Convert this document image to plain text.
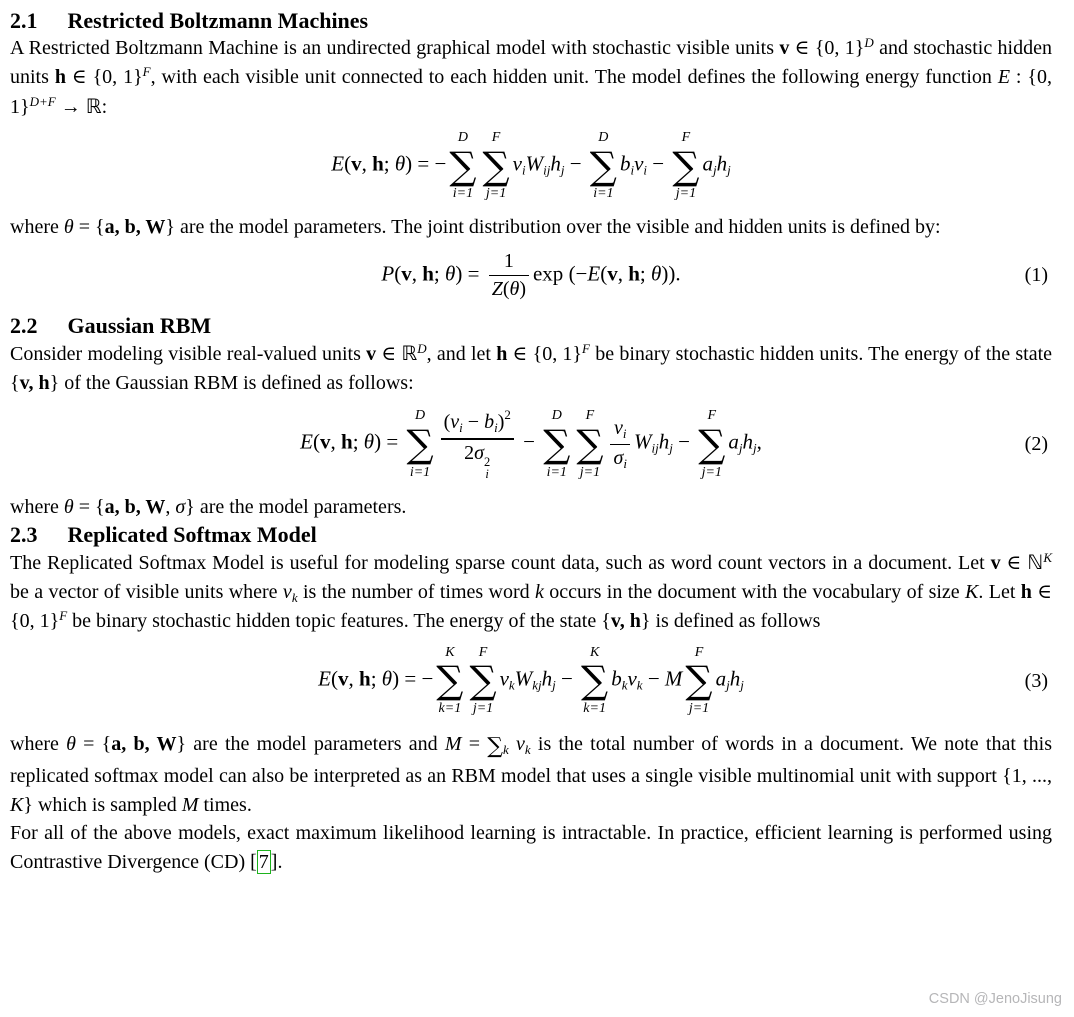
2.1 Restricted Boltzmann Machines

A Restricted Boltzmann Machine is an undirected graphical model with stochastic visible units v ∈ {0, 1}$^D$ and stochastic hidden units h ∈ {0, 1}$^F$, with each visible unit connected to each hidden unit. The model defines the following energy function E : {0, 1}$^{D+F}$ → ℝ:

E(v, h; θ) = −
D
∑
i=1
F
∑
j=1
viWijhj −
D
∑
i=1
bivi −
F
∑
j=1
ajhj

where θ = {a, b, W} are the model parameters. The joint distribution over the visible and hidden units is defined by:

P(v, h; $\theta) = \frac{1}{Z(\theta)}$ exp (−E(v, h; θ)).	(1)
2.2 Gaussian RBM

Consider modeling visible real-valued units v ∈ ℝ$^D$, and let h ∈ {0, 1}$^F$ be binary stochastic hidden units. The energy of the state {v, h} of the Gaussian RBM is defined as follows:

E(v, h; θ) =
D
∑
i=1 $(v_i - b_i)^2$
2σ 2
i −
D
∑
i=1
F
∑
j=1
$\frac{v_i}{\sigma_i}$ Wijhj −
F
∑
j=1
ajhj,	(2)

where θ = {a, b, W, σ} are the model parameters.

2.3 Replicated Softmax Model

The Replicated Softmax Model is useful for modeling sparse count data, such as word count vectors in a document. Let v ∈ ℕ$^K$ be a vector of visible units where $v_k$ is the number of times word k occurs in the document with the vocabulary of size K. Let h ∈ {0, 1}$^F$ be binary stochastic hidden topic features. The energy of the state {v, h} is defined as follows

E(v, h; θ) = −
K
∑
k=1
F
∑
j=1
vkWkjhj −
K
∑
k=1
bkvk − M
F
∑
j=1
ajhj	(3)

where θ = {a, b, W} are the model parameters and $M = \sum_k$ $v_k$ is the total number of words in a document. We note that this replicated softmax model can also be interpreted as an RBM model that uses a single visible multinomial unit with support {1, ..., K} which is sampled M times.

For all of the above models, exact maximum likelihood learning is intractable. In practice, efficient learning is performed using Contrastive Divergence (CD) [ 7 ].

CSDN @JenoJisung
